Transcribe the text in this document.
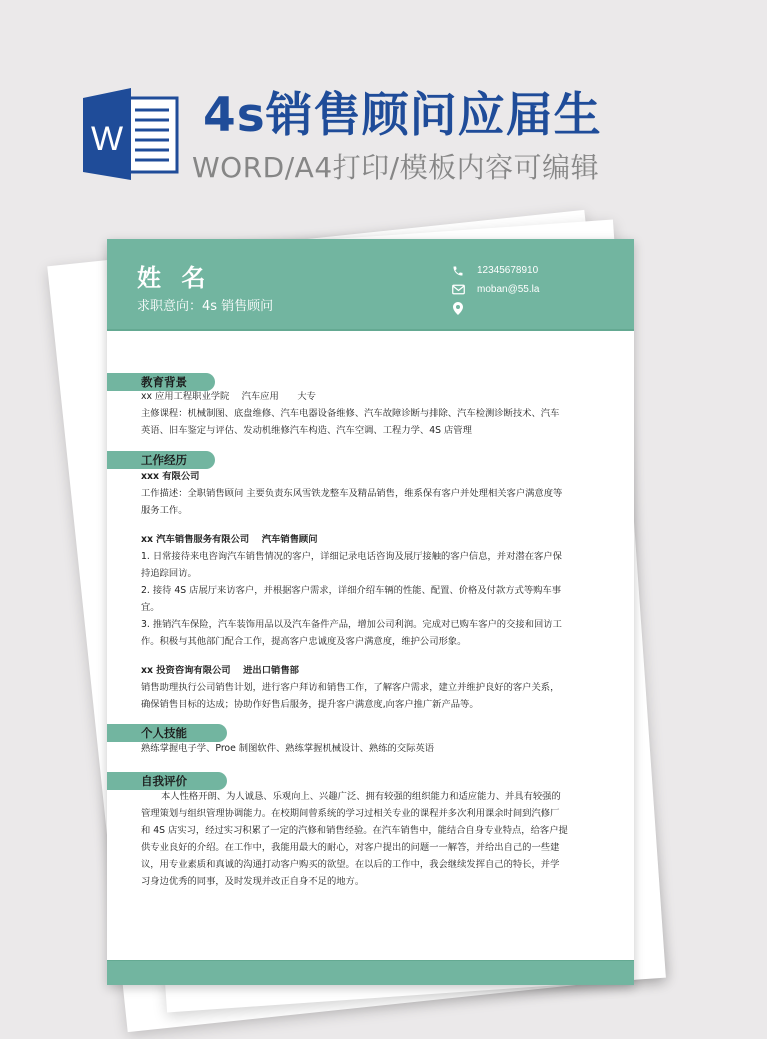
W 4s销售顾问应届生
WORD/A4打印/模板内容可编辑
姓 名
求职意向：4s 销售顾问
12345678910
moban@55.la
教育背景
xx 应用工程职业学院　 汽车应用　　大专
主修课程：机械制图、底盘维修、汽车电器设备维修、汽车故障诊断与排除、汽车检测诊断技术、汽车
英语、旧车鉴定与评估、发动机维修汽车构造、汽车空调、工程力学、4S 店管理
工作经历
xxx 有限公司
工作描述：全职销售顾问 主要负责东风雪铁龙整车及精品销售，维系保有客户并处理相关客户满意度等
服务工作。
xx 汽车销售服务有限公司　 汽车销售顾问
1. 日常接待来电咨询汽车销售情况的客户，详细记录电话咨询及展厅接触的客户信息，并对潜在客户保
持追踪回访。
2. 接待 4S 店展厅来访客户，并根据客户需求，详细介绍车辆的性能、配置、价格及付款方式等购车事
宜。
3. 推销汽车保险，汽车装饰用品以及汽车备件产品，增加公司利润。完成对已购车客户的交接和回访工
作。积极与其他部门配合工作，提高客户忠诚度及客户满意度，维护公司形象。
xx 投资咨询有限公司　 进出口销售部
销售助理执行公司销售计划，进行客户拜访和销售工作，了解客户需求，建立并维护良好的客户关系，
确保销售目标的达成；协助作好售后服务，提升客户满意度,向客户推广新产品等。
个人技能
熟练掌握电子学、Proe 制图软件、熟练掌握机械设计、熟练的交际英语
自我评价
本人性格开朗、为人诚恳、乐观向上、兴趣广泛、拥有较强的组织能力和适应能力、并具有较强的
管理策划与组织管理协调能力。在校期间曾系统的学习过相关专业的课程并多次利用课余时间到汽修厂
和 4S 店实习，经过实习积累了一定的汽修和销售经验。在汽车销售中，能结合自身专业特点，给客户提
供专业良好的介绍。在工作中，我能用最大的耐心，对客户提出的问题一一解答，并给出自己的一些建
议，用专业素质和真诚的沟通打动客户购买的欲望。在以后的工作中，我会继续发挥自己的特长，并学
习身边优秀的同事，及时发现并改正自身不足的地方。
